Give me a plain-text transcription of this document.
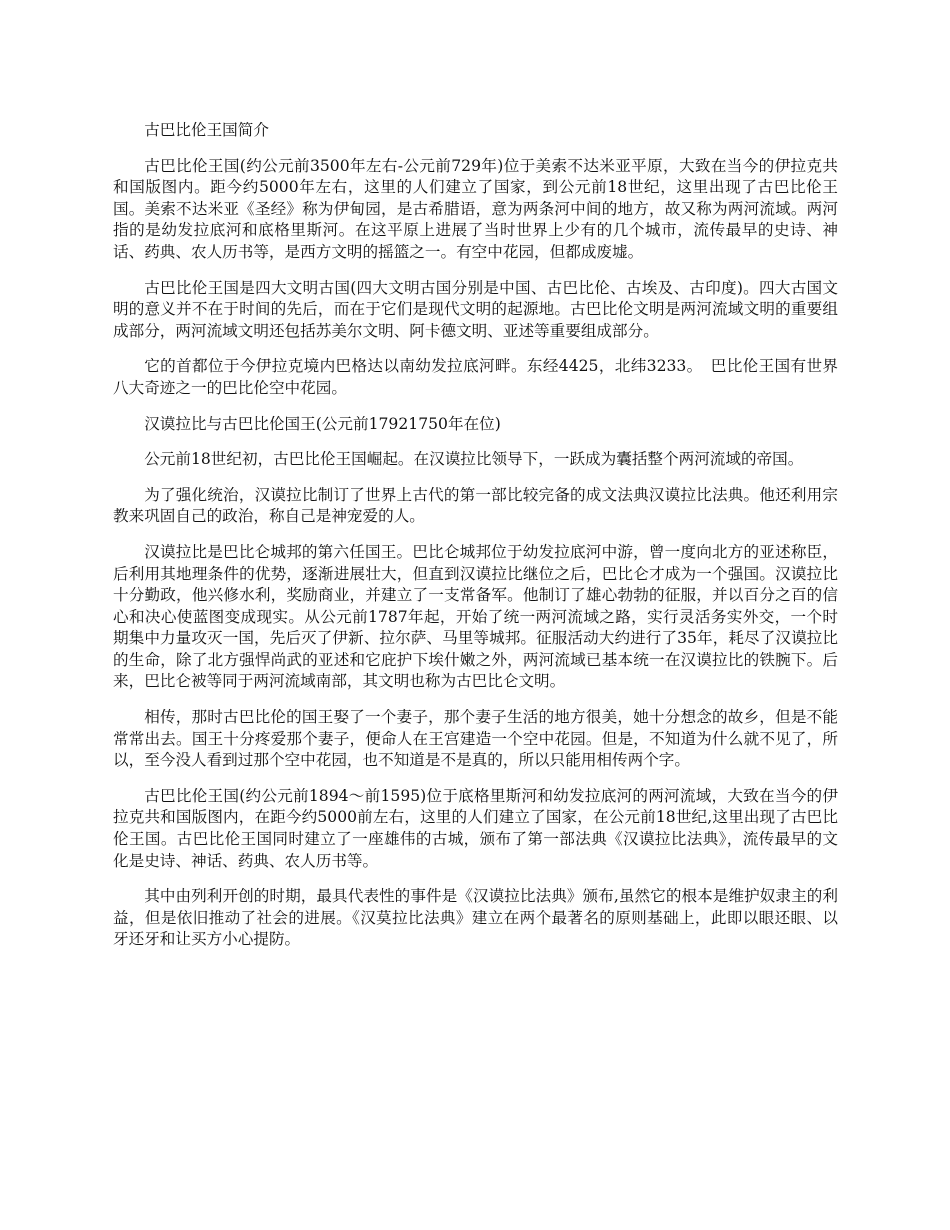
古巴比伦王国简介

古巴比伦王国(约公元前3500年左右-公元前729年)位于美索不达米亚平原，大致在当今的伊拉克共和国版图内。距今约5000年左右，这里的人们建立了国家，到公元前18世纪，这里出现了古巴比伦王国。美索不达米亚《圣经》称为伊甸园，是古希腊语，意为两条河中间的地方，故又称为两河流域。两河指的是幼发拉底河和底格里斯河。在这平原上进展了当时世界上少有的几个城市，流传最早的史诗、神话、药典、农人历书等，是西方文明的摇篮之一。有空中花园，但都成废墟。

古巴比伦王国是四大文明古国(四大文明古国分别是中国、古巴比伦、古埃及、古印度)。四大古国文明的意义并不在于时间的先后，而在于它们是现代文明的起源地。古巴比伦文明是两河流域文明的重要组成部分，两河流域文明还包括苏美尔文明、阿卡德文明、亚述等重要组成部分。

它的首都位于今伊拉克境内巴格达以南幼发拉底河畔。东经4425，北纬3233。　巴比伦王国有世界八大奇迹之一的巴比伦空中花园。

汉谟拉比与古巴比伦国王(公元前17921750年在位)

公元前18世纪初，古巴比伦王国崛起。在汉谟拉比领导下，一跃成为囊括整个两河流域的帝国。

为了强化统治，汉谟拉比制订了世界上古代的第一部比较完备的成文法典汉谟拉比法典。他还利用宗教来巩固自己的政治，称自己是神宠爱的人。

汉谟拉比是巴比仑城邦的第六任国王。巴比仑城邦位于幼发拉底河中游，曾一度向北方的亚述称臣，后利用其地理条件的优势，逐渐进展壮大，但直到汉谟拉比继位之后，巴比仑才成为一个强国。汉谟拉比十分勤政，他兴修水利，奖励商业，并建立了一支常备军。他制订了雄心勃勃的征服，并以百分之百的信心和决心使蓝图变成现实。从公元前1787年起，开始了统一两河流域之路，实行灵活务实外交，一个时期集中力量攻灭一国，先后灭了伊新、拉尔萨、马里等城邦。征服活动大约进行了35年，耗尽了汉谟拉比的生命，除了北方强悍尚武的亚述和它庇护下埃什嫩之外，两河流域已基本统一在汉谟拉比的铁腕下。后来，巴比仑被等同于两河流域南部，其文明也称为古巴比仑文明。

相传，那时古巴比伦的国王娶了一个妻子，那个妻子生活的地方很美，她十分想念的故乡，但是不能常常出去。国王十分疼爱那个妻子，便命人在王宫建造一个空中花园。但是，不知道为什么就不见了，所以，至今没人看到过那个空中花园，也不知道是不是真的，所以只能用相传两个字。

古巴比伦王国(约公元前1894～前1595)位于底格里斯河和幼发拉底河的两河流域，大致在当今的伊拉克共和国版图内，在距今约5000前左右，这里的人们建立了国家，在公元前18世纪,这里出现了古巴比伦王国。古巴比伦王国同时建立了一座雄伟的古城，颁布了第一部法典《汉谟拉比法典》，流传最早的文化是史诗、神话、药典、农人历书等。

其中由列利开创的时期，最具代表性的事件是《汉谟拉比法典》颁布,虽然它的根本是维护奴隶主的利益，但是依旧推动了社会的进展。《汉莫拉比法典》建立在两个最著名的原则基础上，此即以眼还眼、以牙还牙和让买方小心提防。
